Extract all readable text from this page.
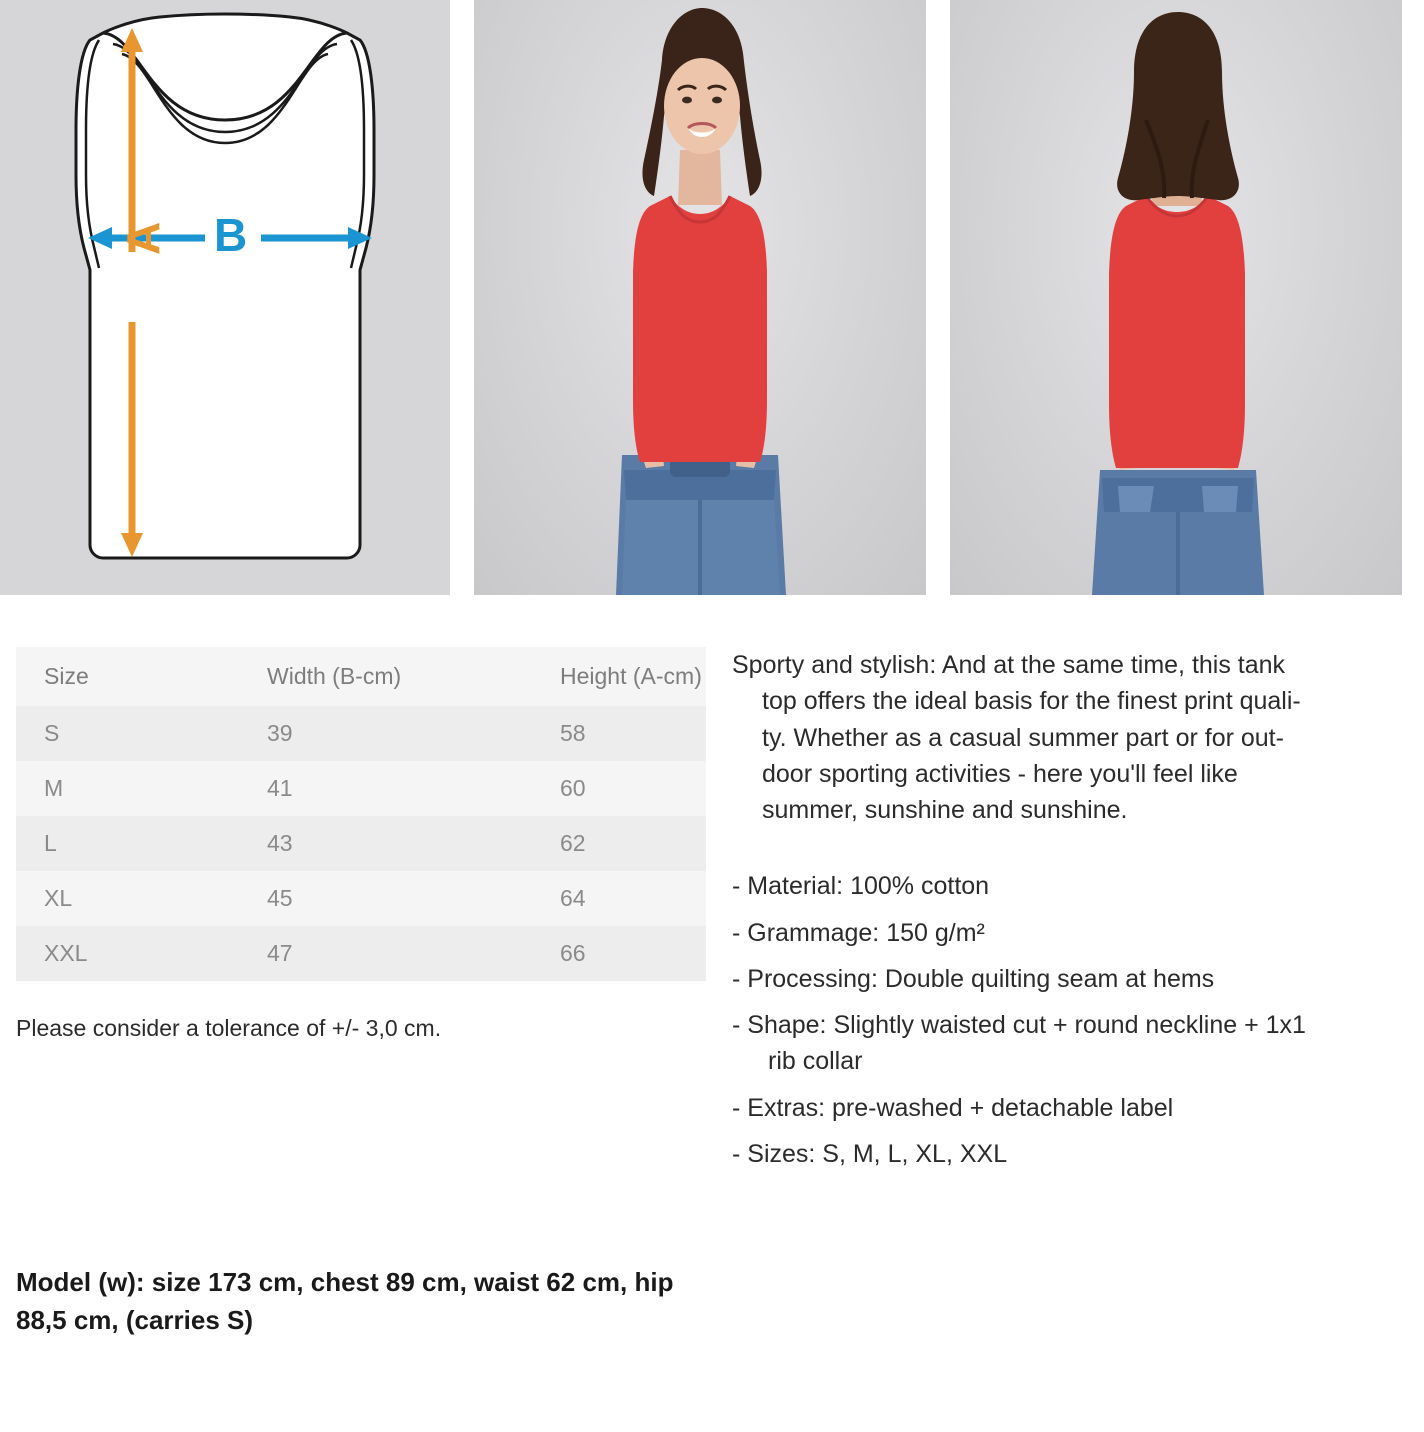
B
A
Size	Width (B-cm)	Height (A-cm)
S	39	58
M	41	60
L	43	62
XL	45	64
XXL	47	66
Please consider a tolerance of +/- 3,0 cm.

Sporty and stylish: And at the same time, this tank
top offers the ideal basis for the finest print quali-
ty. Whether as a casual summer part or for out-
door sporting activities - here you'll feel like
summer, sunshine and sunshine.

- Material: 100% cotton
- Grammage: 150 g/m²
- Processing: Double quilting seam at hems
- Shape: Slightly waisted cut + round neckline + 1x1
rib collar
- Extras: pre-washed + detachable label
- Sizes: S, M, L, XL, XXL
Model (w): size 173 cm, chest 89 cm, waist 62 cm, hip 88,5 cm, (carries S)
